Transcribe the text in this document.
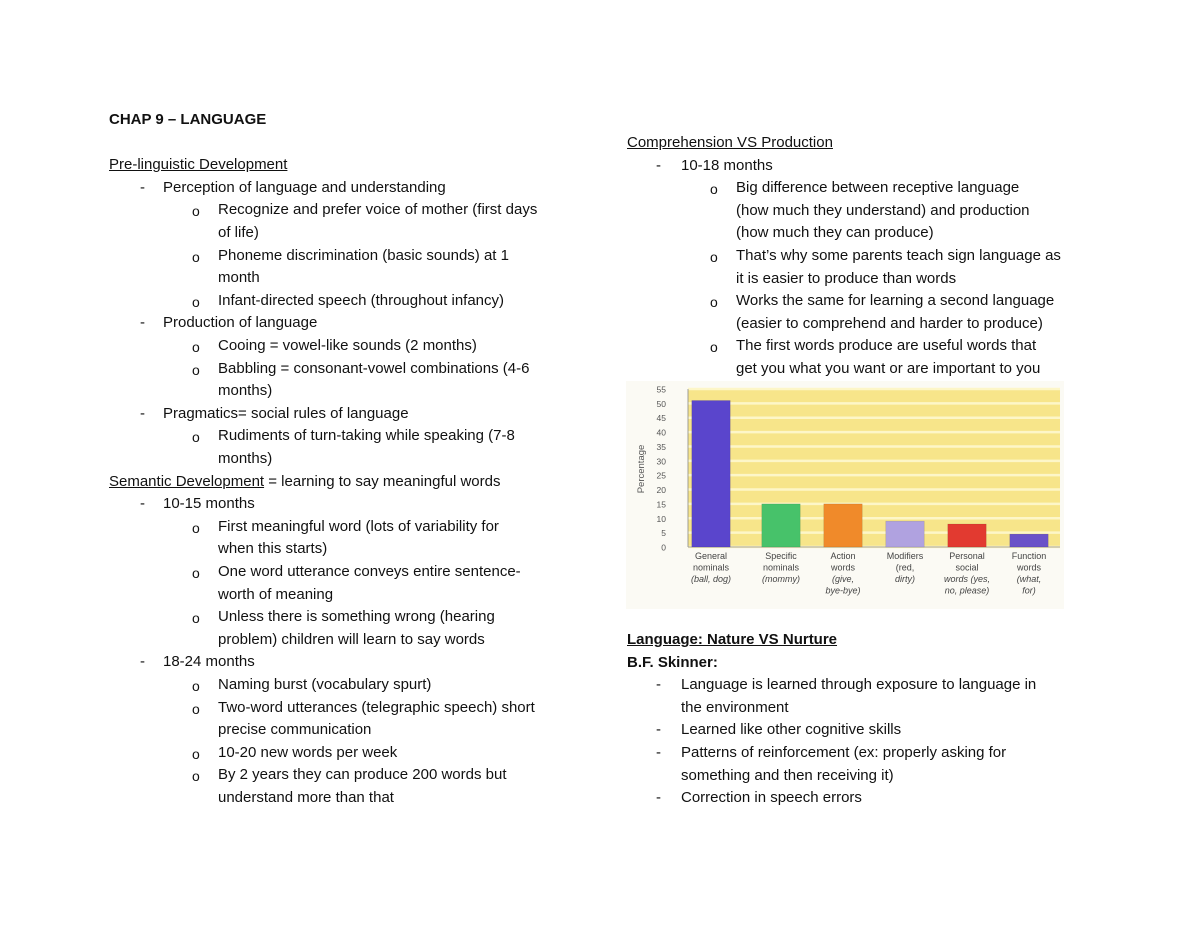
CHAP 9 – LANGUAGE
Pre-linguistic Development
- Perception of language and understanding
o Recognize and prefer voice of mother (first days
of life)
o Phoneme discrimination (basic sounds) at 1
month
o Infant-directed speech (throughout infancy)
- Production of language
o Cooing = vowel-like sounds (2 months)
o Babbling = consonant-vowel combinations (4-6
months)
- Pragmatics= social rules of language
o Rudiments of turn-taking while speaking (7-8
months)
Semantic Development = learning to say meaningful words
- 10-15 months
o First meaningful word (lots of variability for
when this starts)
o One word utterance conveys entire sentence-
worth of meaning
o Unless there is something wrong (hearing
problem) children will learn to say words
- 18-24 months
o Naming burst (vocabulary spurt)
o Two-word utterances (telegraphic speech) short
precise communication
o 10-20 new words per week
o By 2 years they can produce 200 words but
understand more than that
Comprehension VS Production
- 10-18 months
o Big difference between receptive language
(how much they understand) and production
(how much they can produce)
o That’s why some parents teach sign language as
it is easier to produce than words
o Works the same for learning a second language
(easier to comprehend and harder to produce)
o The first words produce are useful words that
get you what you want or are important to you
Language: Nature VS Nurture
B.F. Skinner:
- Language is learned through exposure to language in
the environment
- Learned like other cognitive skills
- Patterns of reinforcement (ex: properly asking for
something and then receiving it)
- Correction in speech errors
0
5
10
15
20
25
30
35
40
45
50
55
Percentage
General
nominals
(ball, dog)
Specific
nominals
(mommy)
Action
words
(give,
bye-bye)
Modifiers
(red,
dirty)
Personal
social
words (yes,
no, please)
Function
words
(what,
for)
